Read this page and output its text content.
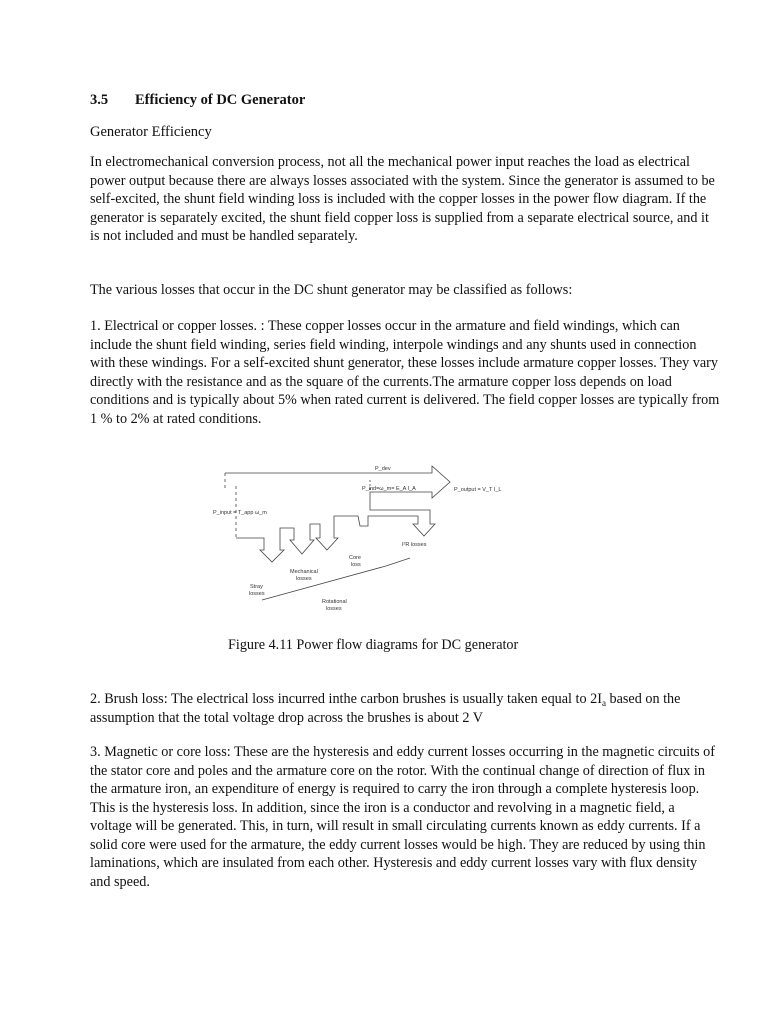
3.5 Efficiency of DC Generator
Generator Efficiency

In electromechanical conversion process, not all the mechanical power input reaches the load as electrical power output because there are always losses associated with the system. Since the generator is assumed to be self-excited, the shunt field winding loss is included with the copper losses in the power flow diagram. If the generator is separately excited, the shunt field copper loss is supplied from a separate electrical source, and it is not included and must be handled separately.

The various losses that occur in the DC shunt generator may be classified as follows:

1. Electrical or copper losses. : These copper losses occur in the armature and field windings, which can include the shunt field winding, series field winding, interpole windings and any shunts used in connection with these windings. For a self-excited shunt generator, these losses include armature copper losses. They vary directly with the resistance and as the square of the currents.The armature copper loss depends on load conditions and is typically about 5% when rated current is delivered. The field copper losses are typically from 1 % to 2% at rated conditions.

P_dev
P_ind=ω_m= E_A I_A	P_output = V_T I_L
P_input = T_app ω_m
I²R losses
Core
loss
Mechanical
losses
Stray
losses
Rotational
losses
Figure 4.11 Power flow diagrams for DC generator

2. Brush loss: The electrical loss incurred inthe carbon brushes is usually taken equal to $2I_a$ based on the assumption that the total voltage drop across the brushes is about 2 V

3. Magnetic or core loss: These are the hysteresis and eddy current losses occurring in the magnetic circuits of the stator core and poles and the armature core on the rotor. With the continual change of direction of flux in the armature iron, an expenditure of energy is required to carry the iron through a complete hysteresis loop. This is the hysteresis loss. In addition, since the iron is a conductor and revolving in a magnetic field, a voltage will be generated. This, in turn, will result in small circulating currents known as eddy currents. If a solid core were used for the armature, the eddy current losses would be high. They are reduced by using thin laminations, which are insulated from each other. Hysteresis and eddy current losses vary with flux density and speed.
